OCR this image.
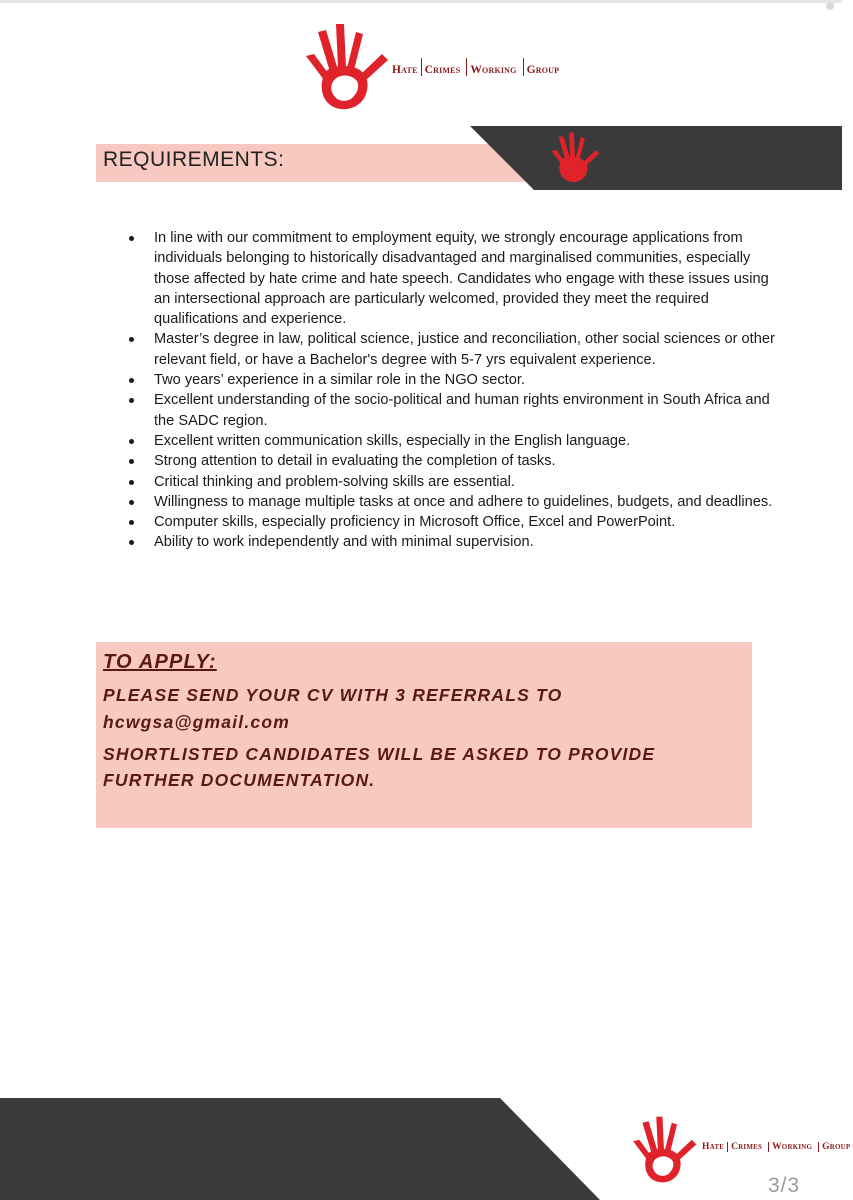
Hate Crimes Working Group
REQUIREMENTS:
In line with our commitment to employment equity, we strongly encourage applications from individuals belonging to historically disadvantaged and marginalised communities, especially those affected by hate crime and hate speech. Candidates who engage with these issues using an intersectional approach are particularly welcomed, provided they meet the required qualifications and experience.
Master’s degree in law, political science, justice and reconciliation, other social sciences or other relevant field, or have a Bachelor's degree with 5-7 yrs equivalent experience.
Two years’ experience in a similar role in the NGO sector.
Excellent understanding of the socio-political and human rights environment in South Africa and the SADC region.
Excellent written communication skills, especially in the English language.
Strong attention to detail in evaluating the completion of tasks.
Critical thinking and problem-solving skills are essential.
Willingness to manage multiple tasks at once and adhere to guidelines, budgets, and deadlines.
Computer skills, especially proficiency in Microsoft Office, Excel and PowerPoint.
Ability to work independently and with minimal supervision.
TO APPLY:
PLEASE SEND YOUR CV WITH 3 REFERRALS TO
hcwgsa@gmail.com
SHORTLISTED CANDIDATES WILL BE ASKED TO PROVIDE
FURTHER DOCUMENTATION.
Hate Crimes Working Group
3/3
